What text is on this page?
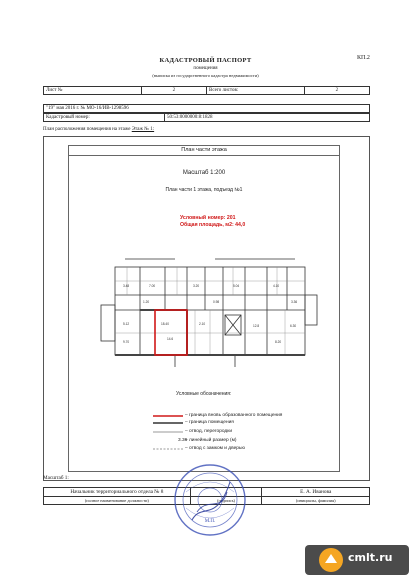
КП.2
КАДАСТРОВЫЙ ПАСПОРТ
помещения
(выписка из государственного кадастра недвижимости)
Лист №	2	Всего листов:	2
"19" мая 2016 г. № МО-16/ИВ-1298596
Кадастровый номер:	50:53:0000000:8:1828
План расположения помещения на этаже Этаж № 1:
План части этажа
Масштаб 1:200
План части 1 этажа, подъезд №1
Условный номер: 201
Общая площадь, м2: 44,0
3.48	7.00	3.20	5.04	4.10
5.12	18.40	2.10	12.8	6.30
14.6
9.70	8.20
1.20	0.98	3.36
Условные обозначения:
– граница вновь образованного помещения
– граница помещения
– отвод, перегородки
3.36
– линейный размер (м)
– отвод с замком и дверью
Масштаб 1:
Начальник территориального отдела № 8		Е. А. Иванова
(полное наименование должности)	(подпись)	(инициалы, фамилия)
М.П.
cmlt.ru
